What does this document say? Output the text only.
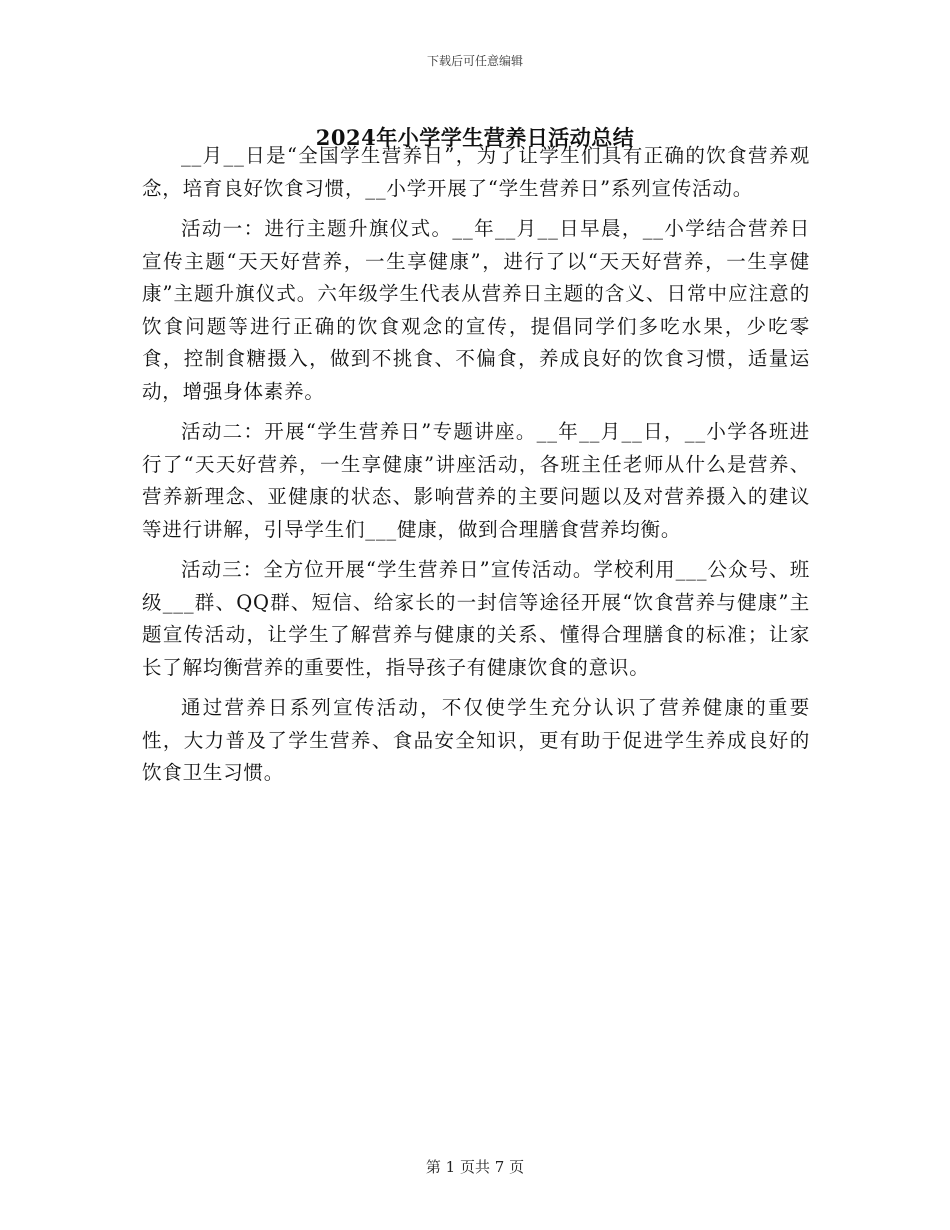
下载后可任意编辑
2024年小学学生营养日活动总结

__月__日是“全国学生营养日”，为了让学生们具有正确的饮食营养观念，培育良好饮食习惯，__小学开展了“学生营养日”系列宣传活动。

活动一：进行主题升旗仪式。__年__月__日早晨，__小学结合营养日宣传主题“天天好营养，一生享健康”，进行了以“天天好营养，一生享健康”主题升旗仪式。六年级学生代表从营养日主题的含义、日常中应注意的饮食问题等进行正确的饮食观念的宣传，提倡同学们多吃水果，少吃零食，控制食糖摄入，做到不挑食、不偏食，养成良好的饮食习惯，适量运动，增强身体素养。

活动二：开展“学生营养日”专题讲座。__年__月__日，__小学各班进行了“天天好营养，一生享健康”讲座活动，各班主任老师从什么是营养、营养新理念、亚健康的状态、影响营养的主要问题以及对营养摄入的建议等进行讲解，引导学生们___健康，做到合理膳食营养均衡。

活动三：全方位开展“学生营养日”宣传活动。学校利用___公众号、班级___群、QQ群、短信、给家长的一封信等途径开展“饮食营养与健康”主题宣传活动，让学生了解营养与健康的关系、懂得合理膳食的标准；让家长了解均衡营养的重要性，指导孩子有健康饮食的意识。

通过营养日系列宣传活动，不仅使学生充分认识了营养健康的重要性，大力普及了学生营养、食品安全知识，更有助于促进学生养成良好的饮食卫生习惯。

第 1 页共 7 页
